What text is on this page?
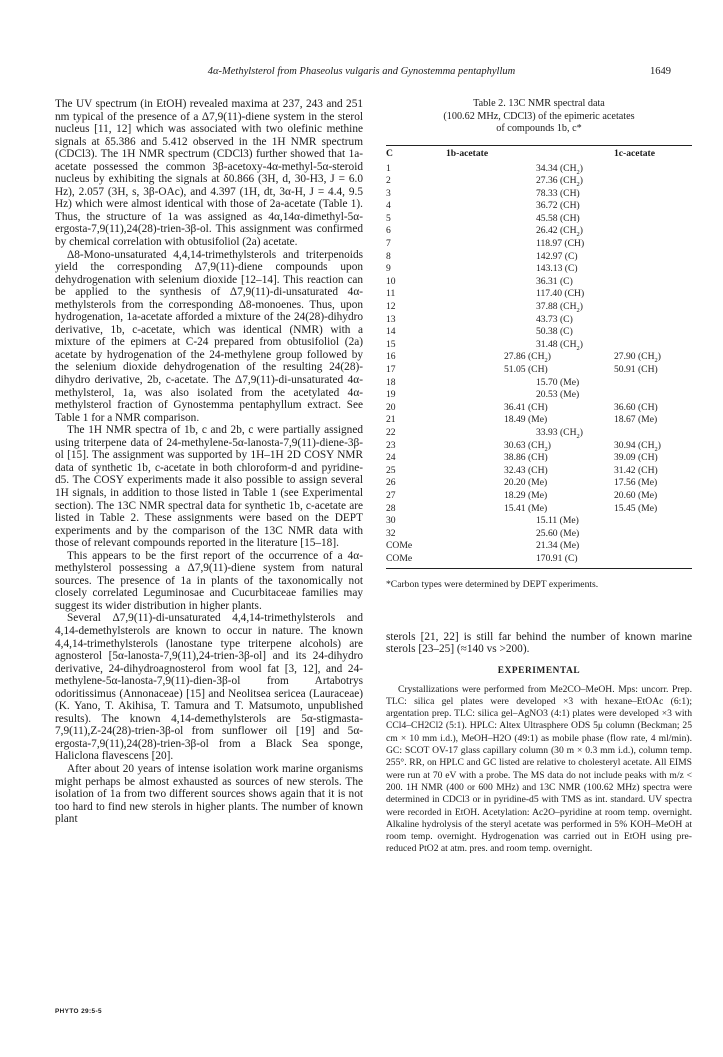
4α-Methylsterol from Phaseolus vulgaris and Gynostemma pentaphyllum	1649

The UV spectrum (in EtOH) revealed maxima at 237, 243 and 251 nm typical of the presence of a Δ7,9(11)-diene system in the sterol nucleus [11, 12] which was associated with two olefinic methine signals at δ5.386 and 5.412 observed in the 1H NMR spectrum (CDCl3). The 1H NMR spectrum (CDCl3) further showed that 1a-acetate possessed the common 3β-acetoxy-4α-methyl-5α-steroid nucleus by exhibiting the signals at δ0.866 (3H, d, 30-H3, J = 6.0 Hz), 2.057 (3H, s, 3β-OAc), and 4.397 (1H, dt, 3α-H, J = 4.4, 9.5 Hz) which were almost identical with those of 2a-acetate (Table 1). Thus, the structure of 1a was assigned as 4α,14α-dimethyl-5α-ergosta-7,9(11),24(28)-trien-3β-ol. This assignment was confirmed by chemical correlation with obtusifoliol (2a) acetate.

Δ8-Mono-unsaturated 4,4,14-trimethylsterols and triterpenoids yield the corresponding Δ7,9(11)-diene compounds upon dehydrogenation with selenium dioxide [12–14]. This reaction can be applied to the synthesis of Δ7,9(11)-di-unsaturated 4α-methylsterols from the corresponding Δ8-monoenes. Thus, upon hydrogenation, 1a-acetate afforded a mixture of the 24(28)-dihydro derivative, 1b, c-acetate, which was identical (NMR) with a mixture of the epimers at C-24 prepared from obtusifoliol (2a) acetate by hydrogenation of the 24-methylene group followed by the selenium dioxide dehydrogenation of the resulting 24(28)-dihydro derivative, 2b, c-acetate. The Δ7,9(11)-di-unsaturated 4α-methylsterol, 1a, was also isolated from the acetylated 4α-methylsterol fraction of Gynostemma pentaphyllum extract. See Table 1 for a NMR comparison.

The 1H NMR spectra of 1b, c and 2b, c were partially assigned using triterpene data of 24-methylene-5α-lanosta-7,9(11)-diene-3β-ol [15]. The assignment was supported by 1H–1H 2D COSY NMR data of synthetic 1b, c-acetate in both chloroform-d and pyridine-d5. The COSY experiments made it also possible to assign several 1H signals, in addition to those listed in Table 1 (see Experimental section). The 13C NMR spectral data for synthetic 1b, c-acetate are listed in Table 2. These assignments were based on the DEPT experiments and by the comparison of the 13C NMR data with those of relevant compounds reported in the literature [15–18].

This appears to be the first report of the occurrence of a 4α-methylsterol possessing a Δ7,9(11)-diene system from natural sources. The presence of 1a in plants of the taxonomically not closely correlated Leguminosae and Cucurbitaceae families may suggest its wider distribution in higher plants.

Several Δ7,9(11)-di-unsaturated 4,4,14-trimethylsterols and 4,14-demethylsterols are known to occur in nature. The known 4,4,14-trimethylsterols (lanostane type triterpene alcohols) are agnosterol [5α-lanosta-7,9(11),24-trien-3β-ol] and its 24-dihydro derivative, 24-dihydroagnosterol from wool fat [3, 12], and 24-methylene-5α-lanosta-7,9(11)-dien-3β-ol from Artabotrys odoritissimus (Annonaceae) [15] and Neolitsea sericea (Lauraceae) (K. Yano, T. Akihisa, T. Tamura and T. Matsumoto, unpublished results). The known 4,14-demethylsterols are 5α-stigmasta-7,9(11),Z-24(28)-trien-3β-ol from sunflower oil [19] and 5α-ergosta-7,9(11),24(28)-trien-3β-ol from a Black Sea sponge, Haliclona flavescens [20].

After about 20 years of intense isolation work marine organisms might perhaps be almost exhausted as sources of new sterols. The isolation of 1a from two different sources shows again that it is not too hard to find new sterols in higher plants. The number of known plant

Table 2. 13C NMR spectral data
(100.62 MHz, CDCl3) of the epimeric acetates
of compounds 1b, c*
C	1b-acetate	1c-acetate
1	34.34 $(CH_2)$	
2	27.36 $(CH_2)$	
3	78.33 (CH)	
4	36.72 (CH)	
5	45.58 (CH)	
6	26.42 $(CH_2)$	
7	118.97 (CH)	
8	142.97 (C)	
9	143.13 (C)	
10	36.31 (C)	
11	117.40 (CH)	
12	37.88 $(CH_2)$	
13	43.73 (C)	
14	50.38 (C)	
15	31.48 $(CH_2)$	
16	27.86 $(CH_2)$	27.90 $(CH_2)$
17	51.05 (CH)	50.91 (CH)
18	15.70 (Me)	
19	20.53 (Me)	
20	36.41 (CH)	36.60 (CH)
21	18.49 (Me)	18.67 (Me)
22	33.93 $(CH_2)$	
23	30.63 $(CH_2)$	30.94 $(CH_2)$
24	38.86 (CH)	39.09 (CH)
25	32.43 (CH)	31.42 (CH)
26	20.20 (Me)	17.56 (Me)
27	18.29 (Me)	20.60 (Me)
28	15.41 (Me)	15.45 (Me)
30	15.11 (Me)	
32	25.60 (Me)	
COMe	21.34 (Me)	
COMe	170.91 (C)	
*Carbon types were determined by DEPT experiments.

sterols [21, 22] is still far behind the number of known marine sterols [23–25] (≈140 vs >200).

EXPERIMENTAL

Crystallizations were performed from Me2CO–MeOH. Mps: uncorr. Prep. TLC: silica gel plates were developed ×3 with hexane–EtOAc (6:1); argentation prep. TLC: silica gel–AgNO3 (4:1) plates were developed ×3 with CCl4–CH2Cl2 (5:1). HPLC: Altex Ultrasphere ODS 5μ column (Beckman; 25 cm × 10 mm i.d.), MeOH–H2O (49:1) as mobile phase (flow rate, 4 ml/min). GC: SCOT OV-17 glass capillary column (30 m × 0.3 mm i.d.), column temp. 255°. RR, on HPLC and GC listed are relative to cholesteryl acetate. All EIMS were run at 70 eV with a probe. The MS data do not include peaks with m/z < 200. 1H NMR (400 or 600 MHz) and 13C NMR (100.62 MHz) spectra were determined in CDCl3 or in pyridine-d5 with TMS as int. standard. UV spectra were recorded in EtOH. Acetylation: Ac2O–pyridine at room temp. overnight. Alkaline hydrolysis of the steryl acetate was performed in 5% KOH–MeOH at room temp. overnight. Hydrogenation was carried out in EtOH using pre-reduced PtO2 at atm. pres. and room temp. overnight.

PHYTO 29:5-5
